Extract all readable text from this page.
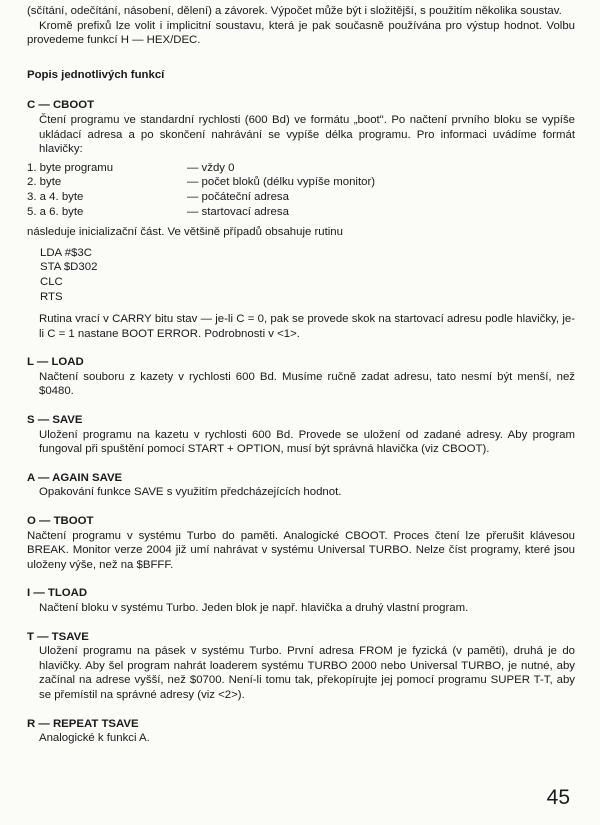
(sčítání, odečítání, násobení, dělení) a závorek. Výpočet může být i složitější, s použitím několika soustav.

Kromě prefixů lze volit i implicitní soustavu, která je pak současně používána pro výstup hodnot. Volbu provedeme funkcí H — HEX/DEC.

Popis jednotlivých funkcí

C — CBOOT

Čtení programu ve standardní rychlosti (600 Bd) ve formátu „boot". Po načtení prvního bloku se vypíše ukládací adresa a po skončení nahrávání se vypíše délka programu. Pro informaci uvádíme formát hlavičky:

1. byte programu	— vždy 0
2. byte	— počet bloků (délku vypíše monitor)
3. a 4. byte	— počáteční adresa
5. a 6. byte	— startovací adresa

následuje inicializační část. Ve většině případů obsahuje rutinu

LDA #$3C
STA $D302
CLC
RTS

Rutina vrací v CARRY bitu stav — je-li C = 0, pak se provede skok na startovací adresu podle hlavičky, je-li C = 1 nastane BOOT ERROR. Podrobnosti v <1>.

L — LOAD

Načtení souboru z kazety v rychlosti 600 Bd. Musíme ručně zadat adresu, tato nesmí být menší, než $0480.

S — SAVE

Uložení programu na kazetu v rychlosti 600 Bd. Provede se uložení od zadané adresy. Aby program fungoval při spuštění pomocí START + OPTION, musí být správná hlavička (viz CBOOT).

A — AGAIN SAVE

Opakování funkce SAVE s využitím předcházejících hodnot.

O — TBOOT

Načtení programu v systému Turbo do paměti. Analogické CBOOT. Proces čtení lze přerušit klávesou BREAK. Monitor verze 2004 již umí nahrávat v systému Universal TURBO. Nelze číst programy, které jsou uloženy výše, než na $BFFF.

I — TLOAD

Načtení bloku v systému Turbo. Jeden blok je např. hlavička a druhý vlastní program.

T — TSAVE

Uložení programu na pásek v systému Turbo. První adresa FROM je fyzická (v paměti), druhá je do hlavičky. Aby šel program nahrát loaderem systému TURBO 2000 nebo Universal TURBO, je nutné, aby začínal na adrese vyšší, než $0700. Není-li tomu tak, překopírujte jej pomocí programu SUPER T-T, aby se přemístil na správné adresy (viz <2>).

R — REPEAT TSAVE

Analogické k funkci A.

45
